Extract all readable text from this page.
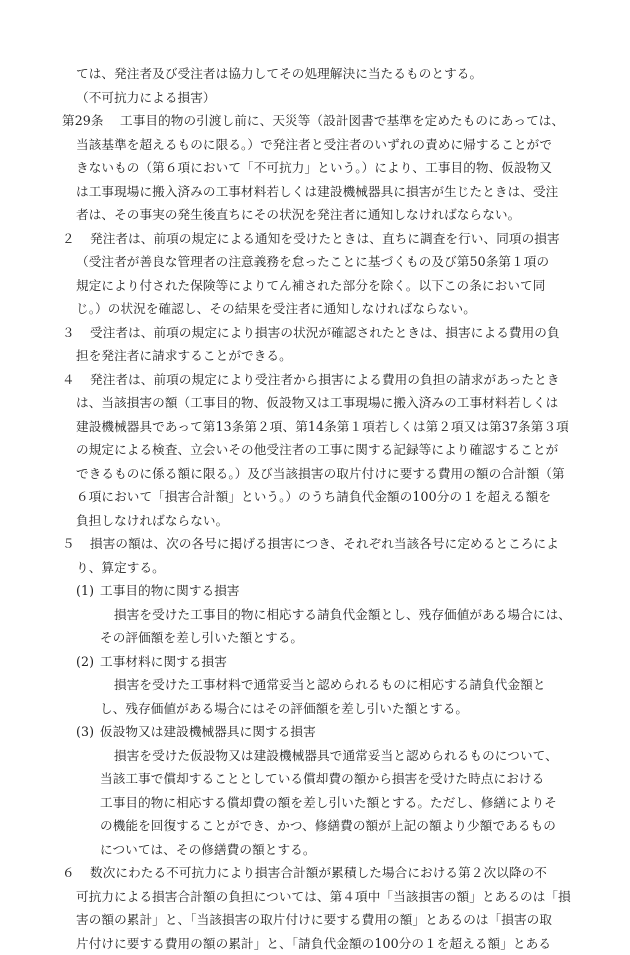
ては、発注者及び受注者は協力してその処理解決に当たるものとする。
（不可抗力による損害）
第29条 工事目的物の引渡し前に、天災等（設計図書で基準を定めたものにあっては、
当該基準を超えるものに限る。）で発注者と受注者のいずれの責めに帰することがで
きないもの（第６項において「不可抗力」という。）により、工事目的物、仮設物又
は工事現場に搬入済みの工事材料若しくは建設機械器具に損害が生じたときは、受注
者は、その事実の発生後直ちにその状況を発注者に通知しなければならない。
２ 発注者は、前項の規定による通知を受けたときは、直ちに調査を行い、同項の損害
（受注者が善良な管理者の注意義務を怠ったことに基づくもの及び第50条第１項の
規定により付された保険等によりてん補された部分を除く。以下この条において同
じ。）の状況を確認し、その結果を受注者に通知しなければならない。
３ 受注者は、前項の規定により損害の状況が確認されたときは、損害による費用の負
担を発注者に請求することができる。
４ 発注者は、前項の規定により受注者から損害による費用の負担の請求があったとき
は、当該損害の額（工事目的物、仮設物又は工事現場に搬入済みの工事材料若しくは
建設機械器具であって第13条第２項、第14条第１項若しくは第２項又は第37条第３項
の規定による検査、立会いその他受注者の工事に関する記録等により確認することが
できるものに係る額に限る。）及び当該損害の取片付けに要する費用の額の合計額（第
６項において「損害合計額」という。）のうち請負代金額の100分の１を超える額を
負担しなければならない。
５ 損害の額は、次の各号に掲げる損害につき、それぞれ当該各号に定めるところによ
り、算定する。
(1) 工事目的物に関する損害
損害を受けた工事目的物に相応する請負代金額とし、残存価値がある場合には、
その評価額を差し引いた額とする。
(2) 工事材料に関する損害
損害を受けた工事材料で通常妥当と認められるものに相応する請負代金額と
し、残存価値がある場合にはその評価額を差し引いた額とする。
(3) 仮設物又は建設機械器具に関する損害
損害を受けた仮設物又は建設機械器具で通常妥当と認められるものについて、
当該工事で償却することとしている償却費の額から損害を受けた時点における
工事目的物に相応する償却費の額を差し引いた額とする。ただし、修繕によりそ
の機能を回復することができ、かつ、修繕費の額が上記の額より少額であるもの
については、その修繕費の額とする。
６ 数次にわたる不可抗力により損害合計額が累積した場合における第２次以降の不
可抗力による損害合計額の負担については、第４項中「当該損害の額」とあるのは「損
害の額の累計」と、「当該損害の取片付けに要する費用の額」とあるのは「損害の取
片付けに要する費用の額の累計」と、「請負代金額の100分の１を超える額」とある
